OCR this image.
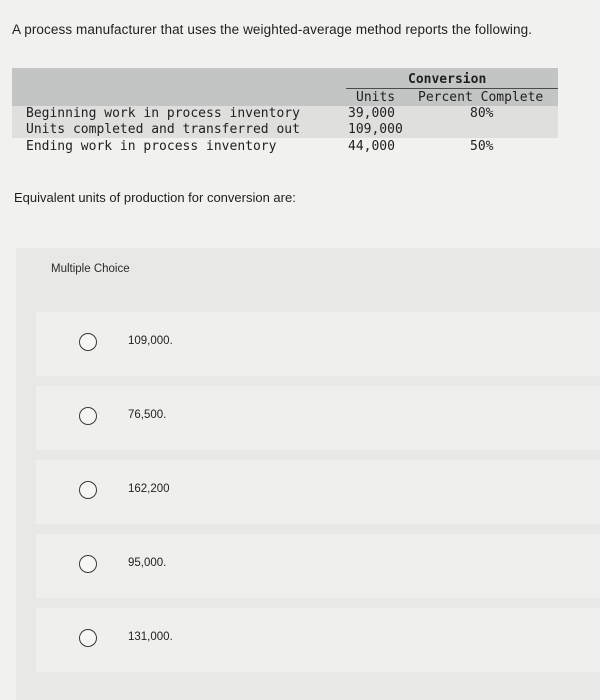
A process manufacturer that uses the weighted-average method reports the following.
Conversion
Units Percent Complete
Beginning work in process inventory	39,000	80%
Units completed and transferred out	109,000
Ending work in process inventory	44,000	50%
Equivalent units of production for conversion are:
Multiple Choice
109,000.
76,500.
162,200
95,000.
131,000.
